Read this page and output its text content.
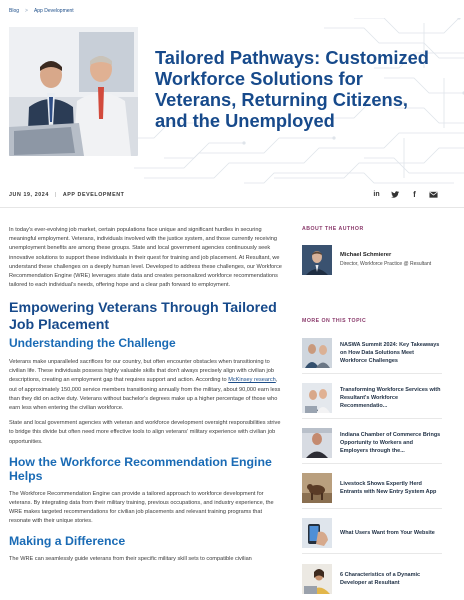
Blog > App Development
Tailored Pathways: Customized Workforce Solutions for Veterans, Returning Citizens, and the Unemployed
JUN 19, 2024 | APP DEVELOPMENT	in	f

In today's ever-evolving job market, certain populations face unique and significant hurdles in securing meaningful employment. Veterans, individuals involved with the justice system, and those currently receiving unemployment benefits are among these groups. State and local government agencies continuously seek innovative solutions to support these individuals in their quest for training and job placement. At Resultant, we understand these challenges on a deeply human level. Developed to address these challenges, our Workforce Recommendation Engine (WRE) leverages state data and creates personalized workforce recommendations tailored to each individual's needs, offering hope and a clear path forward to employment.

Empowering Veterans Through Tailored Job Placement
Understanding the Challenge

Veterans make unparalleled sacrifices for our country, but often encounter obstacles when transitioning to civilian life. These individuals possess highly valuable skills that don't always precisely align with civilian job descriptions, creating an employment gap that requires support and action. According to McKinsey research, out of approximately 150,000 service members transitioning annually from the military, about 90,000 earn less than they did on active duty. Veterans without bachelor's degrees make up a higher percentage of those who earn less when entering the civilian workforce.

State and local government agencies with veteran and workforce development oversight responsibilities strive to bridge this divide but often need more effective tools to align veterans' military experience with civilian job opportunities.

How the Workforce Recommendation Engine Helps

The Workforce Recommendation Engine can provide a tailored approach to workforce development for veterans. By integrating data from their military training, previous occupations, and industry experience, the WRE makes targeted recommendations for civilian job placements and relevant training programs that resonate with their unique stories.

Making a Difference

The WRE can seamlessly guide veterans from their specific military skill sets to compatible civilian

ABOUT THE AUTHOR
Michael Schmierer
Director, Workforce Practice @ Resultant
MORE ON THIS TOPIC
NASWA Summit 2024: Key Takeaways on How Data Solutions Meet Workforce Challenges
Transforming Workforce Services with Resultant's Workforce Recommendatio...
Indiana Chamber of Commerce Brings Opportunity to Workers and Employers through the...
Livestock Shows Expertly Herd Entrants with New Entry System App
What Users Want from Your Website
6 Characteristics of a Dynamic Developer at Resultant
